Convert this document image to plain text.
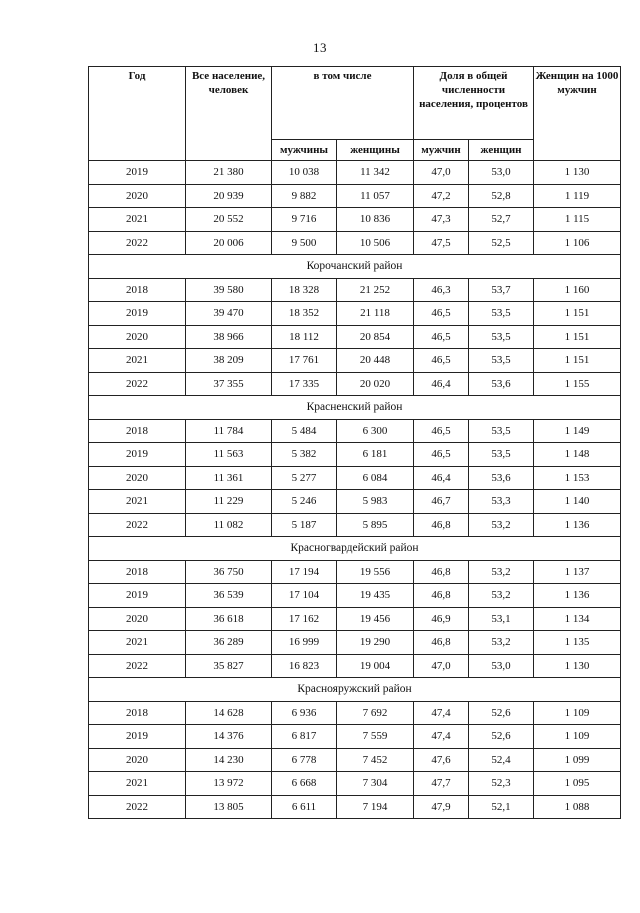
13
Год	Все население, человек	в том числе		Доля в общей численности населения, процентов		Женщин на 1000 мужчин
		мужчины	женщины	мужчин	женщин	
2019	21 380	10 038	11 342	47,0	53,0	1 130
2020	20 939	9 882	11 057	47,2	52,8	1 119
2021	20 552	9 716	10 836	47,3	52,7	1 115
2022	20 006	9 500	10 506	47,5	52,5	1 106
Корочанский район						
2018	39 580	18 328	21 252	46,3	53,7	1 160
2019	39 470	18 352	21 118	46,5	53,5	1 151
2020	38 966	18 112	20 854	46,5	53,5	1 151
2021	38 209	17 761	20 448	46,5	53,5	1 151
2022	37 355	17 335	20 020	46,4	53,6	1 155
Красненский район						
2018	11 784	5 484	6 300	46,5	53,5	1 149
2019	11 563	5 382	6 181	46,5	53,5	1 148
2020	11 361	5 277	6 084	46,4	53,6	1 153
2021	11 229	5 246	5 983	46,7	53,3	1 140
2022	11 082	5 187	5 895	46,8	53,2	1 136
Красногвардейский район						
2018	36 750	17 194	19 556	46,8	53,2	1 137
2019	36 539	17 104	19 435	46,8	53,2	1 136
2020	36 618	17 162	19 456	46,9	53,1	1 134
2021	36 289	16 999	19 290	46,8	53,2	1 135
2022	35 827	16 823	19 004	47,0	53,0	1 130
Краснояружский район						
2018	14 628	6 936	7 692	47,4	52,6	1 109
2019	14 376	6 817	7 559	47,4	52,6	1 109
2020	14 230	6 778	7 452	47,6	52,4	1 099
2021	13 972	6 668	7 304	47,7	52,3	1 095
2022	13 805	6 611	7 194	47,9	52,1	1 088
